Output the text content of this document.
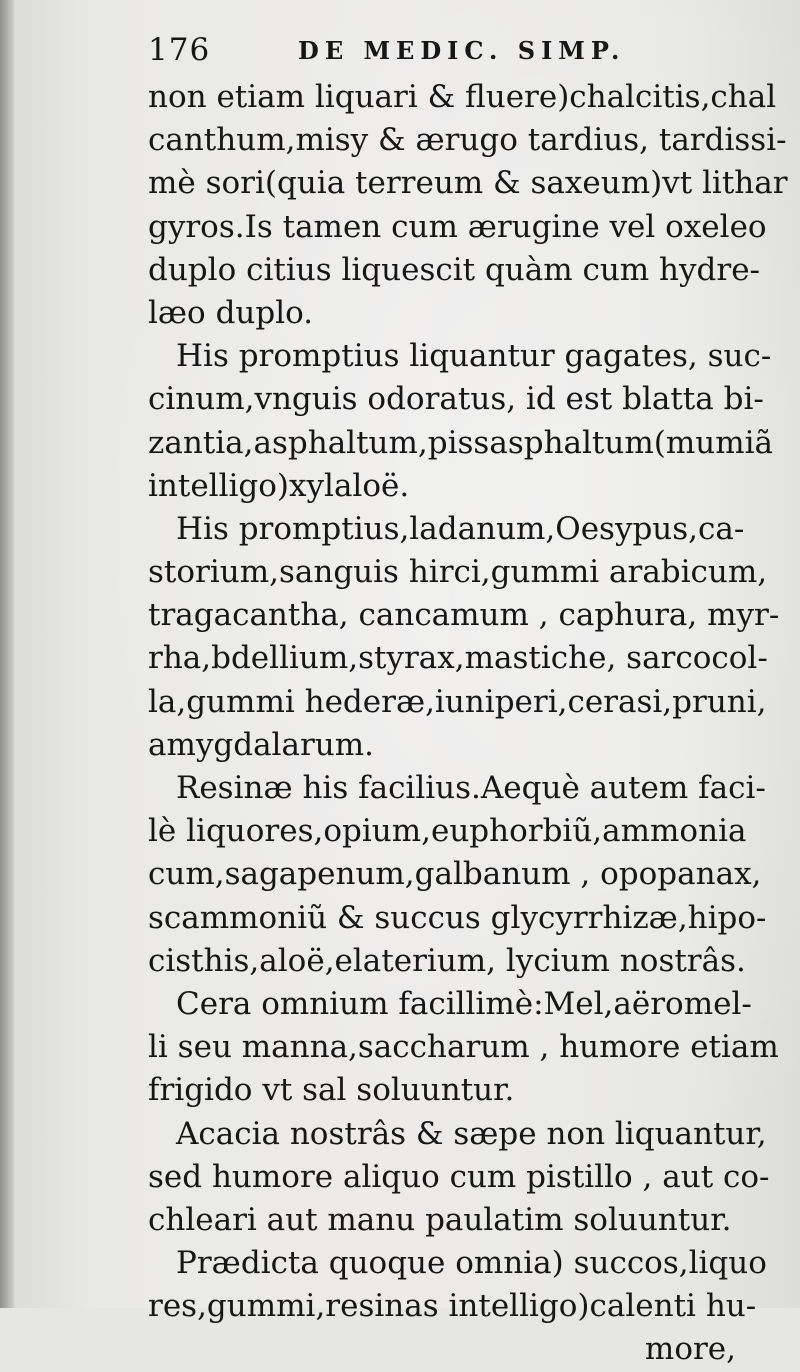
176	DE MEDIC. SIMP.
non etiam liquari & fluere)chalcitis,chal
canthum,misy & ærugo tardius, tardissi-
mè sori(quia terreum & saxeum)vt lithar
gyros.Is tamen cum ærugine vel oxeleo
duplo citius liquescit quàm cum hydre-
læo duplo.
His promptius liquantur gagates, suc-
cinum,vnguis odoratus, id est blatta bi-
zantia,asphaltum,pissasphaltum(mumiã
intelligo)xylaloë.
His promptius,ladanum,Oesypus,ca-
storium,sanguis hirci,gummi arabicum,
tragacantha, cancamum , caphura, myr-
rha,bdellium,styrax,mastiche, sarcocol-
la,gummi hederæ,iuniperi,cerasi,pruni,
amygdalarum.
Resinæ his facilius.Aequè autem faci-
lè liquores,opium,euphorbiũ,ammonia
cum,sagapenum,galbanum , opopanax,
scammoniũ & succus glycyrrhizæ,hipo-
cisthis,aloë,elaterium, lycium nostrâs.
Cera omnium facillimè:Mel,aëromel-
li seu manna,saccharum , humore etiam
frigido vt sal soluuntur.
Acacia nostrâs & sæpe non liquantur,
sed humore aliquo cum pistillo , aut co-
chleari aut manu paulatim soluuntur.
Prædicta quoque omnia) succos,liquo
res,gummi,resinas intelligo)calenti hu-
more,
